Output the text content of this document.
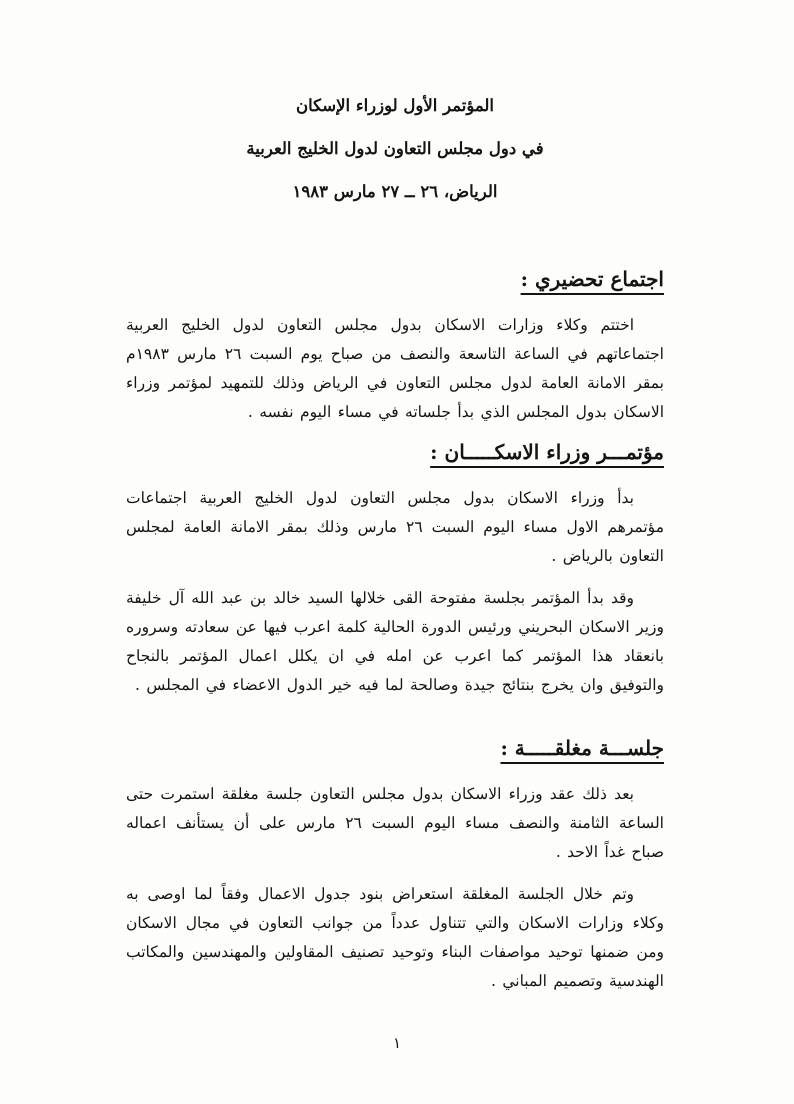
المؤتمر الأول لوزراء الإسكان
في دول مجلس التعاون لدول الخليج العربية
الرياض، ٢٦ ــ ٢٧ مارس ١٩٨٣
اجتماع تحضيري :

اختتم وكلاء وزارات الاسكان بدول مجلس التعاون لدول الخليج العربية اجتماعاتهم في الساعة التاسعة والنصف من صباح يوم السبت ٢٦ مارس ١٩٨٣م بمقر الامانة العامة لدول مجلس التعاون في الرياض وذلك للتمهيد لمؤتمر وزراء الاسكان بدول المجلس الذي بدأ جلساته في مساء اليوم نفسه .

مؤتمـــر وزراء الاسكـــــان :

بدأ وزراء الاسكان بدول مجلس التعاون لدول الخليج العربية اجتماعات مؤتمرهم الاول مساء اليوم السبت ٢٦ مارس وذلك بمقر الامانة العامة لمجلس التعاون بالرياض .

وقد بدأ المؤتمر بجلسة مفتوحة القى خلالها السيد خالد بن عبد الله آل خليفة وزير الاسكان البحريني ورئيس الدورة الحالية كلمة اعرب فيها عن سعادته وسروره بانعقاد هذا المؤتمر كما اعرب عن امله في ان يكلل اعمال المؤتمر بالنجاح والتوفيق وان يخرج بنتائج جيدة وصالحة لما فيه خير الدول الاعضاء في المجلس .

جلســـة مغلقـــــة :

بعد ذلك عقد وزراء الاسكان بدول مجلس التعاون جلسة مغلقة استمرت حتى الساعة الثامنة والنصف مساء اليوم السبت ٢٦ مارس على أن يستأنف اعماله صباح غداً الاحد .

وتم خلال الجلسة المغلقة استعراض بنود جدول الاعمال وفقاً لما اوصى به وكلاء وزارات الاسكان والتي تتناول عدداً من جوانب التعاون في مجال الاسكان ومن ضمنها توحيد مواصفات البناء وتوحيد تصنيف المقاولين والمهندسين والمكاتب الهندسية وتصميم المباني .

١
